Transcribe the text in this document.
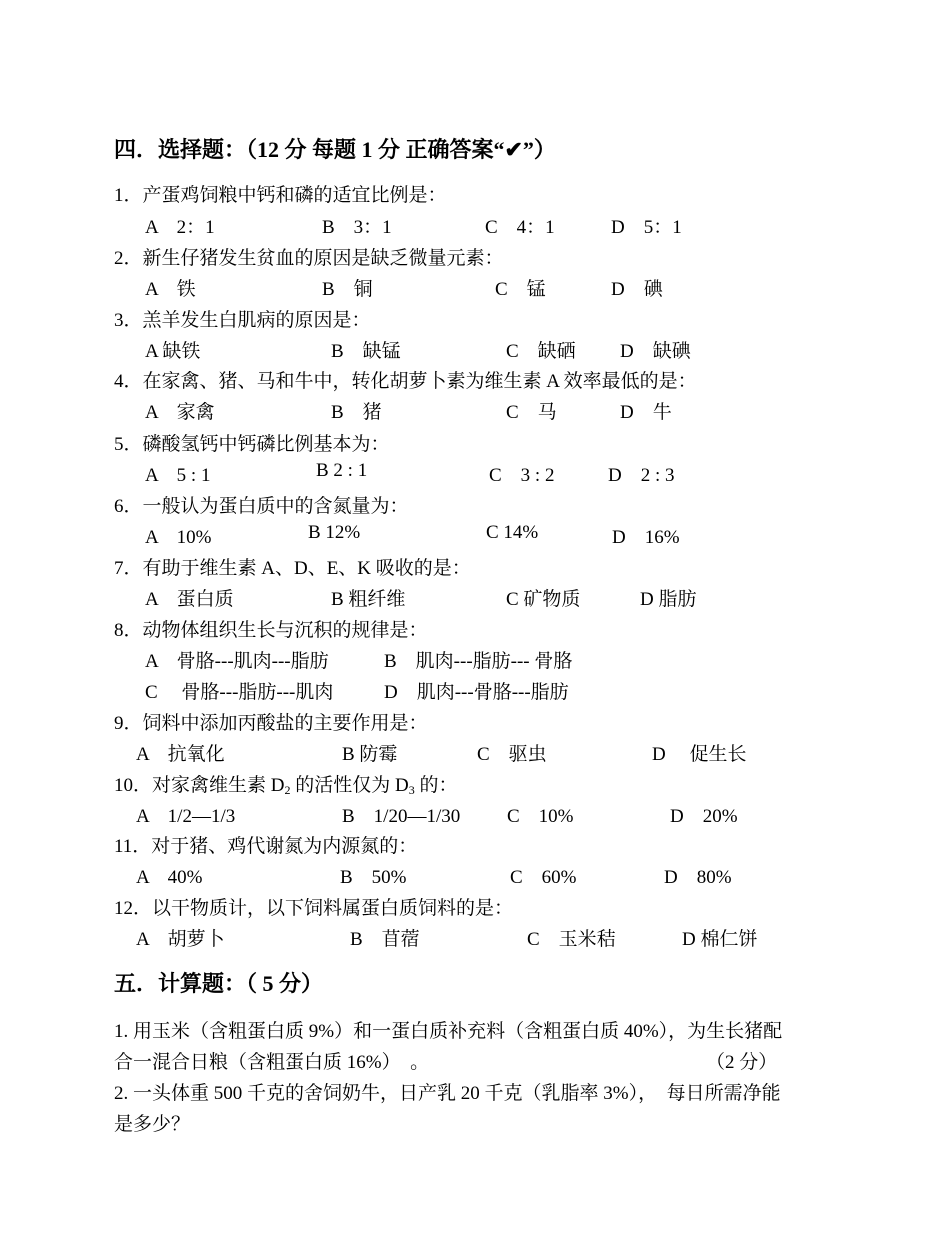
四．选择题：（12 分 每题 1 分 正确答案“✔”）
1．产蛋鸡饲粮中钙和磷的适宜比例是：
A　2：1	B　3：1	C　4：1	D　5：1
2．新生仔猪发生贫血的原因是缺乏微量元素：
A　铁	B　铜	C　锰	D　碘
3．羔羊发生白肌病的原因是：
A 缺铁	B　缺锰	C　缺硒 D　缺碘
4．在家禽、猪、马和牛中，转化胡萝卜素为维生素 A 效率最低的是：
A　家禽	B　猪	C　马	D　牛
5．磷酸氢钙中钙磷比例基本为：
A　5 : 1	B 2 : 1	C　3 : 2	D　2 : 3
6．一般认为蛋白质中的含氮量为：
A　10%	B 12%	C 14%	D　16%
7．有助于维生素 A、D、E、K 吸收的是：
A　蛋白质	B 粗纤维	C 矿物质	D 脂肪
8．动物体组织生长与沉积的规律是：
A　骨胳---肌肉---脂肪	B　肌肉---脂肪--- 骨胳
C　 骨胳---脂肪---肌肉	D　肌肉---骨胳---脂肪
9．饲料中添加丙酸盐的主要作用是：
A　抗氧化	B 防霉	C　驱虫	D　 促生长
10．对家禽维生素 $D_2$ 的活性仅为 $D_3$ 的：
A　1/2—1/3	B　1/20—1/30 C　10%	D　20%
11．对于猪、鸡代谢氮为内源氮的：
A　40%	B　50%	C　60%	D　80%
12．以干物质计，以下饲料属蛋白质饲料的是：
A　胡萝卜	B　苜蓿	C　玉米秸	D 棉仁饼
五．计算题：（ 5 分）
1. 用玉米（含粗蛋白质 9%）和一蛋白质补充料（含粗蛋白质 40%），为生长猪配
合一混合日粮（含粗蛋白质 16%）　。	（2 分）
2. 一头体重 500 千克的舍饲奶牛，日产乳 20 千克（乳脂率 3%），　每日所需净能
是多少？
